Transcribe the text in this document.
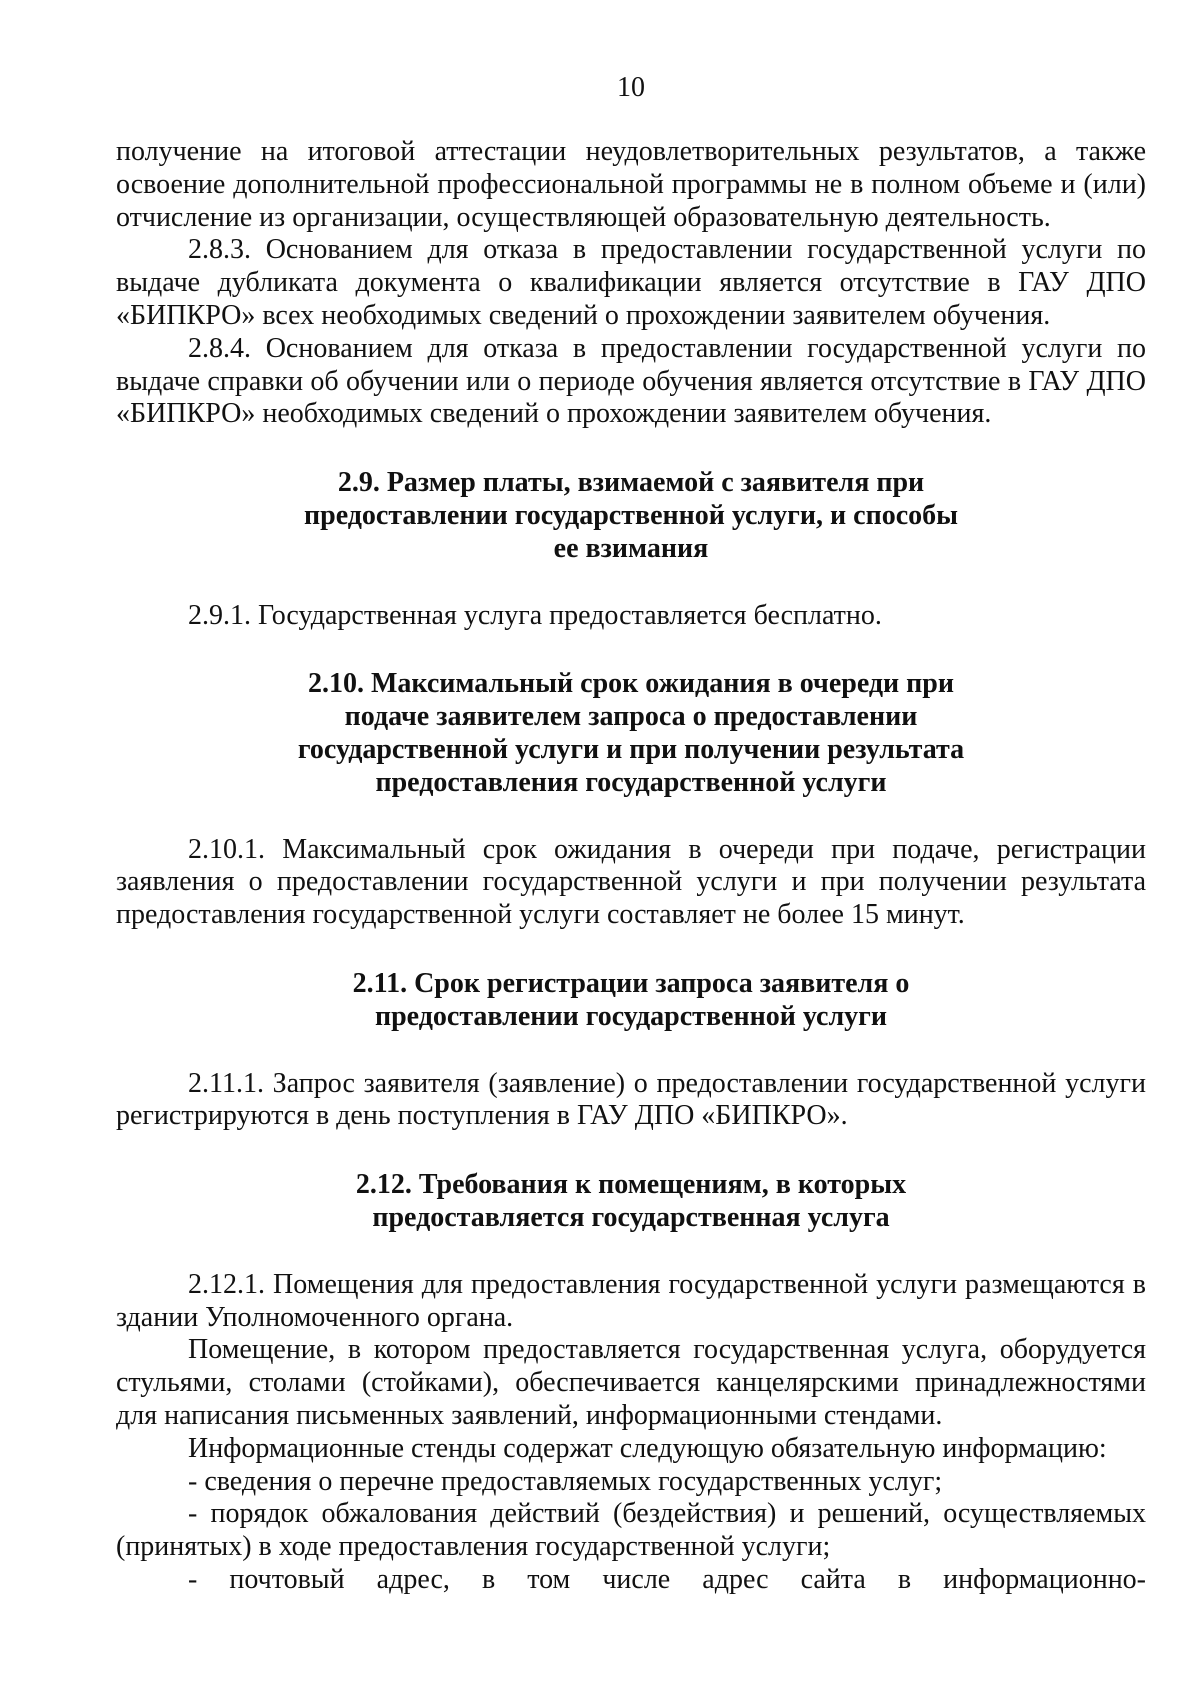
10

получение на итоговой аттестации неудовлетворительных результатов, а также освоение дополнительной профессиональной программы не в полном объеме и (или) отчисление из организации, осуществляющей образовательную деятельность.

2.8.3. Основанием для отказа в предоставлении государственной услуги по выдаче дубликата документа о квалификации является отсутствие в ГАУ ДПО «БИПКРО» всех необходимых сведений о прохождении заявителем обучения.

2.8.4. Основанием для отказа в предоставлении государственной услуги по выдаче справки об обучении или о периоде обучения является отсутствие в ГАУ ДПО «БИПКРО» необходимых сведений о прохождении заявителем обучения.

2.9. Размер платы, взимаемой с заявителя при
предоставлении государственной услуги, и способы
ее взимания

2.9.1. Государственная услуга предоставляется бесплатно.

2.10. Максимальный срок ожидания в очереди при
подаче заявителем запроса о предоставлении
государственной услуги и при получении результата
предоставления государственной услуги

2.10.1. Максимальный срок ожидания в очереди при подаче, регистрации заявления о предоставлении государственной услуги и при получении результата предоставления государственной услуги составляет не более 15 минут.

2.11. Срок регистрации запроса заявителя о
предоставлении государственной услуги

2.11.1. Запрос заявителя (заявление) о предоставлении государственной услуги регистрируются в день поступления в ГАУ ДПО «БИПКРО».

2.12. Требования к помещениям, в которых
предоставляется государственная услуга

2.12.1. Помещения для предоставления государственной услуги размещаются в здании Уполномоченного органа.

Помещение, в котором предоставляется государственная услуга, оборудуется стульями, столами (стойками), обеспечивается канцелярскими принадлежностями для написания письменных заявлений, информационными стендами.

Информационные стенды содержат следующую обязательную информацию:

- сведения о перечне предоставляемых государственных услуг;

- порядок обжалования действий (бездействия) и решений, осуществляемых (принятых) в ходе предоставления государственной услуги;

- почтовый адрес, в том числе адрес сайта в информационно-
